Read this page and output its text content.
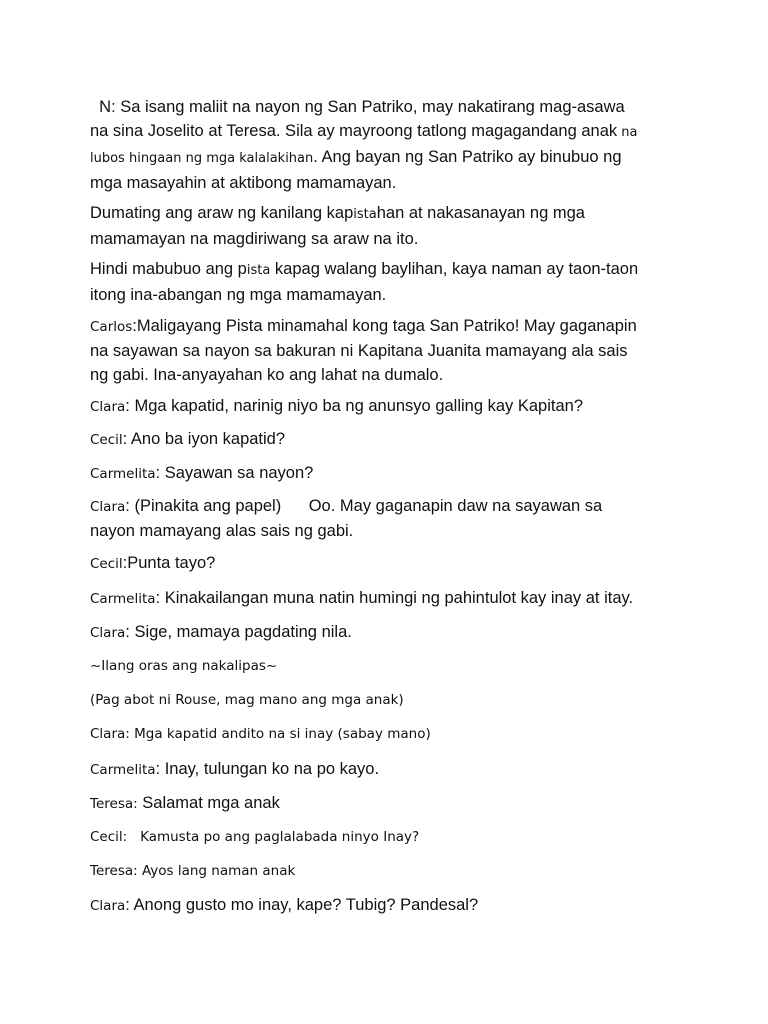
N: Sa isang maliit na nayon ng San Patriko, may nakatirang mag-asawa
na sina Joselito at Teresa. Sila ay mayroong tatlong magagandang anak na
lubos hingaan ng mga kalalakihan. Ang bayan ng San Patriko ay binubuo ng
mga masayahin at aktibong mamamayan.

Dumating ang araw ng kanilang kapistahan at nakasanayan ng mga
mamamayan na magdiriwang sa araw na ito.

Hindi mabubuo ang pista kapag walang baylihan, kaya naman ay taon-taon
itong ina-abangan ng mga mamamayan.

Carlos:Maligayang Pista minamahal kong taga San Patriko! May gaganapin
na sayawan sa nayon sa bakuran ni Kapitana Juanita mamayang ala sais
ng gabi. Ina-anyayahan ko ang lahat na dumalo.

Clara: Mga kapatid, narinig niyo ba ng anunsyo galling kay Kapitan?

Cecil: Ano ba iyon kapatid?

Carmelita: Sayawan sa nayon?

Clara: (Pinakita ang papel)      Oo. May gaganapin daw na sayawan sa
nayon mamayang alas sais ng gabi.

Cecil:Punta tayo?

Carmelita: Kinakailangan muna natin humingi ng pahintulot kay inay at itay.

Clara: Sige, mamaya pagdating nila.

~Ilang oras ang nakalipas~

(Pag abot ni Rouse, mag mano ang mga anak)

Clara: Mga kapatid andito na si inay (sabay mano)

Carmelita: Inay, tulungan ko na po kayo.

Teresa: Salamat mga anak

Cecil:   Kamusta po ang paglalabada ninyo Inay?

Teresa: Ayos lang naman anak

Clara: Anong gusto mo inay, kape? Tubig? Pandesal?
